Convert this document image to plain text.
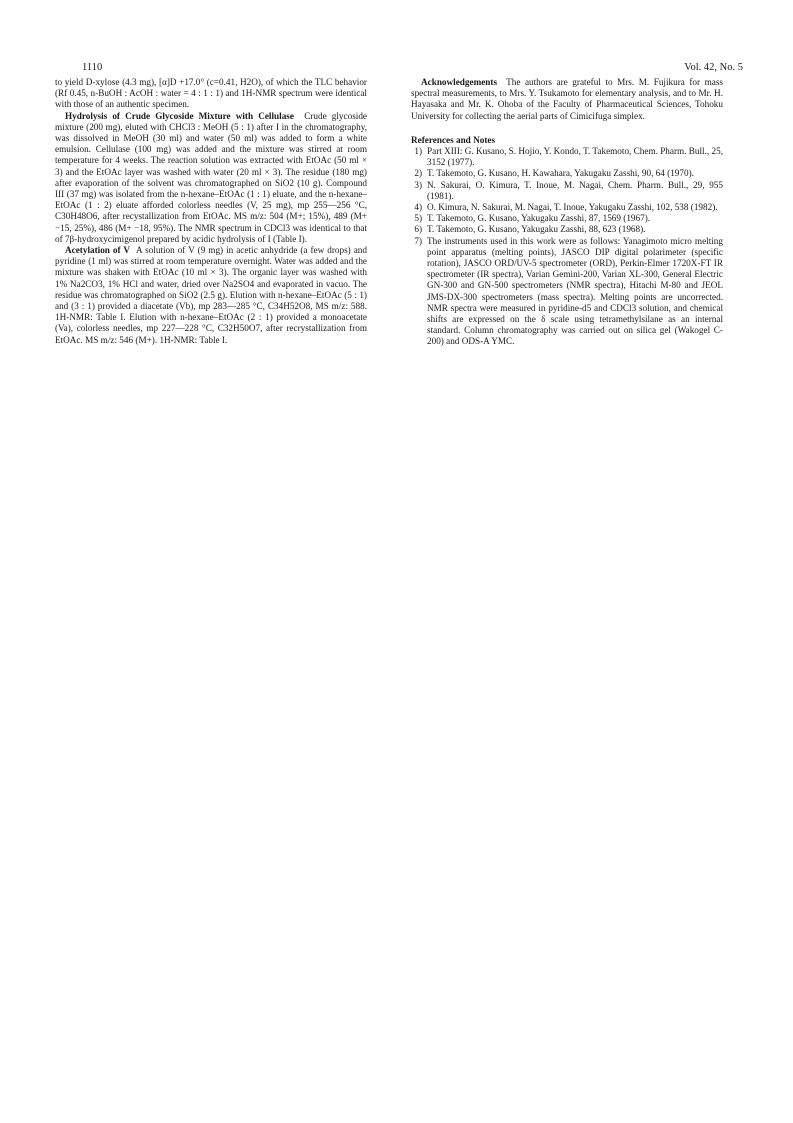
1110	Vol. 42, No. 5

to yield D-xylose (4.3 mg), [α]D +17.0° (c=0.41, H2O), of which the TLC behavior (Rf 0.45, n-BuOH : AcOH : water = 4 : 1 : 1) and 1H-NMR spectrum were identical with those of an authentic specimen.

Hydrolysis of Crude Glycoside Mixture with Cellulase Crude glycoside mixture (200 mg), eluted with CHCl3 : MeOH (5 : 1) after I in the chromatography, was dissolved in MeOH (30 ml) and water (50 ml) was added to form a white emulsion. Cellulase (100 mg) was added and the mixture was stirred at room temperature for 4 weeks. The reaction solution was extracted with EtOAc (50 ml × 3) and the EtOAc layer was washed with water (20 ml × 3). The residue (180 mg) after evaporation of the solvent was chromatographed on SiO2 (10 g). Compound III (37 mg) was isolated from the n-hexane–EtOAc (1 : 1) eluate, and the n-hexane–EtOAc (1 : 2) eluate afforded colorless needles (V, 25 mg), mp 255—256 °C, C30H48O6, after recystallization from EtOAc. MS m/z: 504 (M+; 15%), 489 (M+ −15, 25%), 486 (M+ −18, 95%). The NMR spectrum in CDCl3 was identical to that of 7β-hydroxycimigenol prepared by acidic hydrolysis of I (Table I).

Acetylation of V A solution of V (9 mg) in acetic anhydride (a few drops) and pyridine (1 ml) was stirred at room temperature overnight. Water was added and the mixture was shaken with EtOAc (10 ml × 3). The organic layer was washed with 1% Na2CO3, 1% HCl and water, dried over Na2SO4 and evaporated in vacuo. The residue was chromatographed on SiO2 (2.5 g). Elution with n-hexane–EtOAc (5 : 1) and (3 : 1) provided a diacetate (Vb), mp 283—285 °C, C34H52O8, MS m/z: 588. 1H-NMR: Table I. Elution with n-hexane–EtOAc (2 : 1) provided a monoacetate (Va), colorless needles, mp 227—228 °C, C32H50O7, after recrystallization from EtOAc. MS m/z: 546 (M+). 1H-NMR: Table I.

Acknowledgements The authors are grateful to Mrs. M. Fujikura for mass spectral measurements, to Mrs. Y. Tsukamoto for elementary analysis, and to Mr. H. Hayasaka and Mr. K. Ohoba of the Faculty of Pharmaceutical Sciences, Tohoku University for collecting the aerial parts of Cimicifuga simplex.

References and Notes

1) Part XIII: G. Kusano, S. Hojio, Y. Kondo, T. Takemoto, Chem. Pharm. Bull., 25, 3152 (1977).
2) T. Takemoto, G. Kusano, H. Kawahara, Yakugaku Zasshi, 90, 64 (1970).
3) N. Sakurai, O. Kimura, T. Inoue, M. Nagai, Chem. Pharm. Bull., 29, 955 (1981).
4) O. Kimura, N. Sakurai, M. Nagai, T. Inoue, Yakugaku Zasshi, 102, 538 (1982).
5) T. Takemoto, G. Kusano, Yakugaku Zasshi, 87, 1569 (1967).
6) T. Takemoto, G. Kusano, Yakugaku Zasshi, 88, 623 (1968).
7) The instruments used in this work were as follows: Yanagimoto micro melting point apparatus (melting points), JASCO DIP digital polarimeter (specific rotation), JASCO ORD/UV-5 spectrometer (ORD), Perkin-Elmer 1720X-FT IR spectrometer (IR spectra), Varian Gemini-200, Varian XL-300, General Electric GN-300 and GN-500 spectrometers (NMR spectra), Hitachi M-80 and JEOL JMS-DX-300 spectrometers (mass spectra). Melting points are uncorrected. NMR spectra were measured in pyridine-d5 and CDCl3 solution, and chemical shifts are expressed on the δ scale using tetramethylsilane as an internal standard. Column chromatography was carried out on silica gel (Wakogel C-200) and ODS-A YMC.
